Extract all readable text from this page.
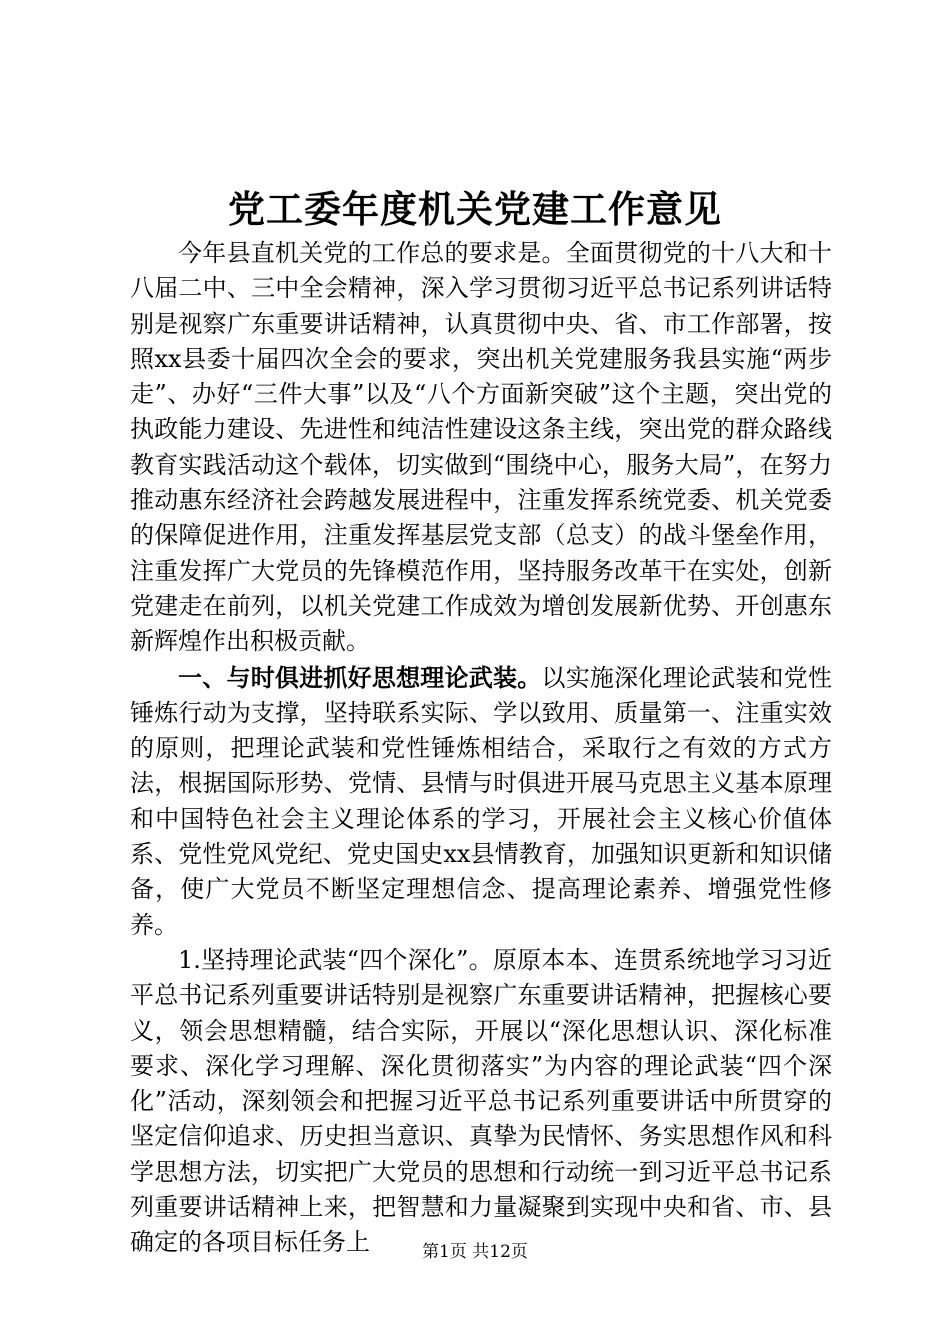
党工委年度机关党建工作意见

今年县直机关党的工作总的要求是。全面贯彻党的十八大和十八届二中、三中全会精神，深入学习贯彻习近平总书记系列讲话特别是视察广东重要讲话精神，认真贯彻中央、省、市工作部署，按照xx县委十届四次全会的要求，突出机关党建服务我县实施“两步走”、办好“三件大事”以及“八个方面新突破”这个主题，突出党的执政能力建设、先进性和纯洁性建设这条主线，突出党的群众路线教育实践活动这个载体，切实做到“围绕中心，服务大局”，在努力推动惠东经济社会跨越发展进程中，注重发挥系统党委、机关党委的保障促进作用，注重发挥基层党支部（总支）的战斗堡垒作用，注重发挥广大党员的先锋模范作用，坚持服务改革干在实处，创新党建走在前列，以机关党建工作成效为增创发展新优势、开创惠东新辉煌作出积极贡献。

一、与时俱进抓好思想理论武装。以实施深化理论武装和党性锤炼行动为支撑，坚持联系实际、学以致用、质量第一、注重实效的原则，把理论武装和党性锤炼相结合，采取行之有效的方式方法，根据国际形势、党情、县情与时俱进开展马克思主义基本原理和中国特色社会主义理论体系的学习，开展社会主义核心价值体系、党性党风党纪、党史国史xx县情教育，加强知识更新和知识储备，使广大党员不断坚定理想信念、提高理论素养、增强党性修养。

1.坚持理论武装“四个深化”。原原本本、连贯系统地学习习近平总书记系列重要讲话特别是视察广东重要讲话精神，把握核心要义，领会思想精髓，结合实际，开展以“深化思想认识、深化标准要求、深化学习理解、深化贯彻落实”为内容的理论武装“四个深化”活动，深刻领会和把握习近平总书记系列重要讲话中所贯穿的坚定信仰追求、历史担当意识、真挚为民情怀、务实思想作风和科学思想方法，切实把广大党员的思想和行动统一到习近平总书记系列重要讲话精神上来，把智慧和力量凝聚到实现中央和省、市、县确定的各项目标任务上	第1页 共12页
